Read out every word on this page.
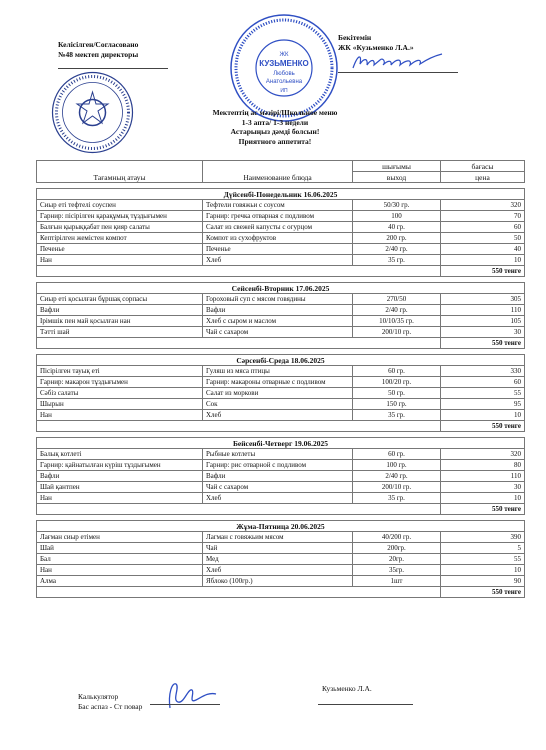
Келісілген/Согласовано
№48 мектеп директоры	ЖК
КУЗЬМЕНКО
Любовь
Анатольевна
ИП
Бекітемін
ЖК «Кузьменко Л.А.»
Мектептің ас мәзірі/Школьное меню
1-3 апта/ 1-3 недели
Астарыңыз дәмді болсын!
Приятного аппетита!
Тағамның атауы	Наименование блюда	шығымы	бағасы
		выход	цена

Дүйсенбі-Понедельник 16.06.2025			
Сиыр еті тефтелі соуспен	Тефтели говяжьи с соусом	50/30 гр.	320
Гарнир: пісірілген қарақұмық тұздығымен	Гарнир: гречка отварная с подливом	100	70
Балғын қырыққабат пен қияр салаты	Салат из свежей капусты с огурцом	40 гр.	60
Кептірілген жемістен компот	Компот из сухофруктов	200 гр.	50
Печенье	Печенье	2/40 гр.	40
Нан	Хлеб	35 гр.	10
			550 тенге

Сейсенбі-Вторник 17.06.2025			
Сиыр еті қосылған бұршақ сорпасы	Гороховый суп с мясом говядины	270/50	305
Вафли	Вафли	2/40 гр.	110
Ірімшік пен май қосылған нан	Хлеб с сыром и маслом	10/10/35 гр.	105
Тәтті шай	Чай с сахаром	200/10 гр.	30
			550 тенге

Сәрсенбі-Среда 18.06.2025			
Пісірілген тауық еті	Гуляш из мяса птицы	60 гр.	330
Гарнир: макарон тұздығымен	Гарнир: макароны отварные с подливом	100/20 гр.	60
Сәбіз салаты	Салат из моркови	50 гр.	55
Шырын	Сок	150 гр.	95
Нан	Хлеб	35 гр.	10
			550 тенге

Бейсенбі-Четверг 19.06.2025			
Балық котлеті	Рыбные котлеты	60 гр.	320
Гарнир: қайнатылған күріш тұздығымен	Гарнир: рис отварной с подливом	100 гр.	80
Вафли	Вафли	2/40 гр.	110
Шай қантпен	Чай с сахаром	200/10 гр.	30
Нан	Хлеб	35 гр.	10
			550 тенге

Жұма-Пятница 20.06.2025			
Лағман сиыр етімен	Лагман с говяжьим мясом	40/200 гр.	390
Шай	Чай	200гр.	5
Бал	Мед	20гр.	55
Нан	Хлеб	35гр.	10
Алма	Яблоко (100гр.)	1шт	90
			550 тенге
Калькулятор
Бас аспаз - Ст повар
Кузьменко Л.А.
